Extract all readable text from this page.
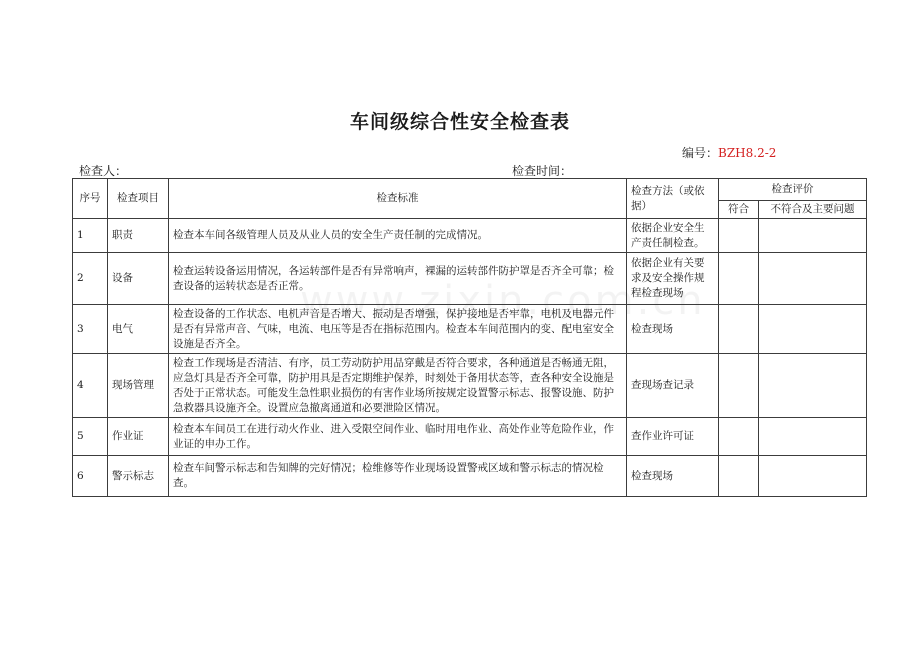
车间级综合性安全检查表
编号：BZH8.2-2
检查人：	检查时间：
序号	检查项目	检查标准	检查方法（或依据）	检查评价	
				符合	不符合及主要问题
1	职责	检查本车间各级管理人员及从业人员的安全生产责任制的完成情况。	依据企业安全生产责任制检查。		
2	设备	检查运转设备运用情况，各运转部件是否有异常响声，裸漏的运转部件防护罩是否齐全可靠；检查设备的运转状态是否正常。	依据企业有关要求及安全操作规程检查现场		
3	电气	检查设备的工作状态、电机声音是否增大、振动是否增强，保护接地是否牢靠，电机及电器元件是否有异常声音、气味，电流、电压等是否在指标范围内。检查本车间范围内的变、配电室安全设施是否齐全。	检查现场		
4	现场管理	检查工作现场是否清洁、有序，员工劳动防护用品穿戴是否符合要求，各种通道是否畅通无阻，应急灯具是否齐全可靠，防护用具是否定期维护保养，时刻处于备用状态等，查各种安全设施是否处于正常状态。可能发生急性职业损伤的有害作业场所按规定设置警示标志、报警设施、防护急救器具设施齐全。设置应急撤离通道和必要泄险区情况。	查现场查记录		
5	作业证	检查本车间员工在进行动火作业、进入受限空间作业、临时用电作业、高处作业等危险作业，作业证的申办工作。	查作业许可证		
6	警示标志	检查车间警示标志和告知牌的完好情况；检维修等作业现场设置警戒区域和警示标志的情况检查。	检查现场		
